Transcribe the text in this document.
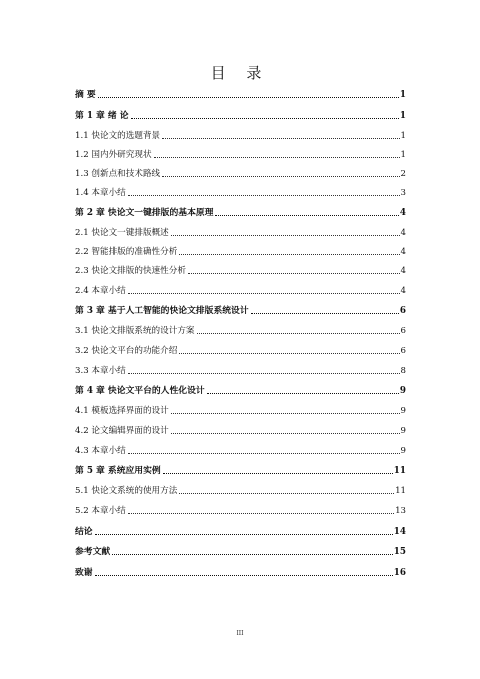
目 录
摘 要	1
第 1 章 绪 论	1
1.1 快论文的选题背景	1
1.2 国内外研究现状	1
1.3 创新点和技术路线	2
1.4 本章小结	3
第 2 章 快论文一键排版的基本原理	4
2.1 快论文一键排版概述	4
2.2 智能排版的准确性分析	4
2.3 快论文排版的快速性分析	4
2.4 本章小结	4
第 3 章 基于人工智能的快论文排版系统设计	6
3.1 快论文排版系统的设计方案	6
3.2 快论文平台的功能介绍	6
3.3 本章小结	8
第 4 章 快论文平台的人性化设计	9
4.1 模板选择界面的设计	9
4.2 论文编辑界面的设计	9
4.3 本章小结	9
第 5 章 系统应用实例	11
5.1 快论文系统的使用方法	11
5.2 本章小结	13
结论	14
参考文献	15
致谢	16
III
